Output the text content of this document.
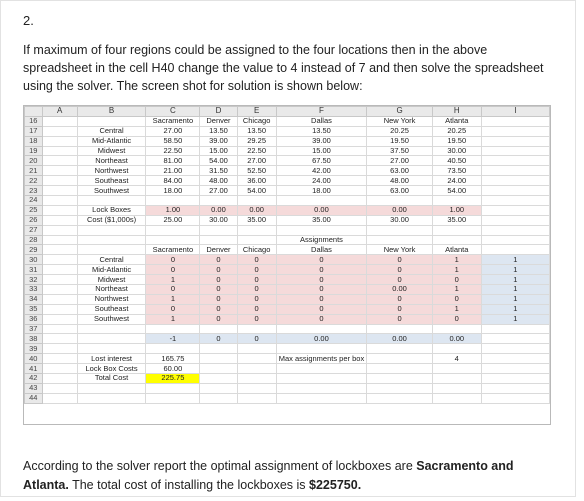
2.
If maximum of four regions could be assigned to the four locations then in the above spreadsheet in the cell H40 change the value to 4 instead of 7 and then solve the spreadsheet using the solver. The screen shot for solution is shown below:
	A	B	C	D	E	F	G	H	I
16			Sacramento	Denver	Chicago	Dallas	New York	Atlanta	
17		Central	27.00	13.50	13.50	13.50	20.25	20.25	
18		Mid-Atlantic	58.50	39.00	29.25	39.00	19.50	19.50	
19		Midwest	22.50	15.00	22.50	15.00	37.50	30.00	
20		Northeast	81.00	54.00	27.00	67.50	27.00	40.50	
21		Northwest	21.00	31.50	52.50	42.00	63.00	73.50	
22		Southeast	84.00	48.00	36.00	24.00	48.00	24.00	
23		Southwest	18.00	27.00	54.00	18.00	63.00	54.00	
24									
25		Lock Boxes	1.00	0.00	0.00	0.00	0.00	1.00	
26		Cost ($1,000s)	25.00	30.00	35.00	35.00	30.00	35.00	
27									
28						Assignments			
29			Sacramento	Denver	Chicago	Dallas	New York	Atlanta	
30		Central	0	0	0	0	0	1	1
31		Mid-Atlantic	0	0	0	0	0	1	1
32		Midwest	1	0	0	0	0	0	1
33		Northeast	0	0	0	0	0.00	1	1
34		Northwest	1	0	0	0	0	0	1
35		Southeast	0	0	0	0	0	1	1
36		Southwest	1	0	0	0	0	0	1
37									
38			-1	0	0	0.00	0.00	0.00	
39									
40		Lost interest	165.75			Max assignments per box		4	
41		Lock Box Costs	60.00						
42		Total Cost	225.75						
43									
44									
According to the solver report the optimal assignment of lockboxes are Sacramento and Atlanta. The total cost of installing the lockboxes is $225750.
